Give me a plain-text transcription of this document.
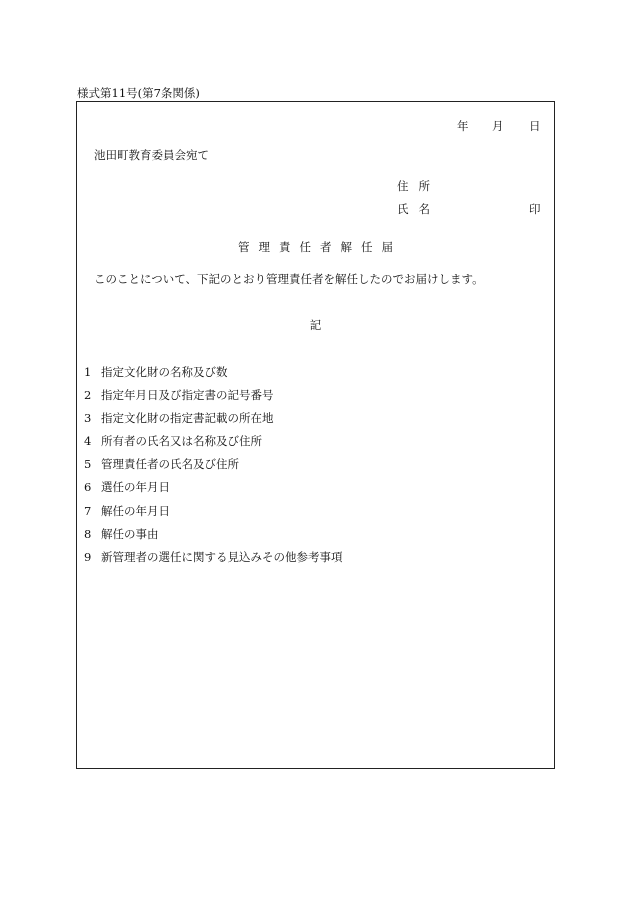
様式第11号(第7条関係)
年 月 日
池田町教育委員会宛て
住所
氏名	印
管理責任者解任届
このことについて、下記のとおり管理責任者を解任したのでお届けします。
記
1 指定文化財の名称及び数
2 指定年月日及び指定書の記号番号
3 指定文化財の指定書記載の所在地
4 所有者の氏名又は名称及び住所
5 管理責任者の氏名及び住所
6 選任の年月日
7 解任の年月日
8 解任の事由
9 新管理者の選任に関する見込みその他参考事項
